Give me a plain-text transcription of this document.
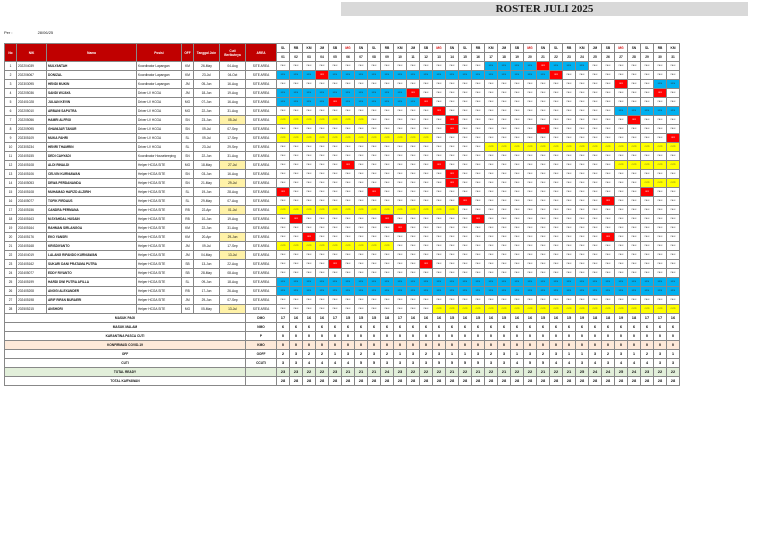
ROSTER JULI 2025
Per :	28/06/25
No	NIK	Nama	Posisi	OFF	Tanggal Join	Cuti Berikutnya	AREA	SL	RB	KM	JM	SB	MG	SN	SL	RB	KM	JM	SB	MG	SN	SL	RB	KM	JM	SB	MG	SN	SL	RB	KM	JM	SB	MG	SN	SL	RB	KM
								01	02	03	04	05	06	07	08	09	10	11	12	13	14	15	16	17	18	19	20	21	22	23	24	25	26	27	28	29	30	31
1	202204039	MULYANTAH	Koordinator Lapangan	KM	26-May	04-Aug	SITE AREA	PAGI	PAGI	PAGI	PAGI	PAGI	PAGI	PAGI	PAGI	PAGI	PAGI	PAGI	PAGI	PAGI	PAGI	PAGI	PAGI	MLM	MLM	MLM	MLM	OFF	MLM	MLM	MLM	PAGI	PAGI	PAGI	PAGI	PAGI	PAGI	PAGI
2	202206067	DONIZAL	Koordinator Lapangan	KM	23-Jul	04-Oct	SITE AREA	MLM	MLM	MLM	OFF	MLM	MLM	MLM	MLM	MLM	MLM	MLM	MLM	MLM	MLM	MLM	MLM	MLM	MLM	MLM	MLM	MLM	OFF	PAGI	PAGI	PAGI	PAGI	PAGI	PAGI	PAGI	PAGI	PAGI
3	202303095	HENDI MUKIN	Koordinator Lapangan	JM	05-Jun	16-Aug	SITE AREA	PAGI	PAGI	PAGI	PAGI	PAGI	PAGI	PAGI	PAGI	PAGI	PAGI	PAGI	PAGI	PAGI	PAGI	PAGI	PAGI	PAGI	PAGI	PAGI	PAGI	PAGI	PAGI	PAGI	PAGI	PAGI	PAGI	OFF	PAGI	PAGI	MLM	MLM
4	202205036	SANDI WIJAYA	Driver LV HCGA	JM	18-Jun	19-Aug	SITE AREA	MLM	MLM	MLM	MLM	MLM	MLM	MLM	MLM	MLM	MLM	OFF	PAGI	PAGI	PAGI	PAGI	PAGI	PAGI	PAGI	PAGI	PAGI	PAGI	PAGI	PAGI	PAGI	PAGI	PAGI	PAGI	PAGI	PAGI	OFF	PAGI
5	202401028	JULIAN KEVIN	Driver LV HCGA	MG	07-Jun	16-Aug	SITE AREA	MLM	MLM	MLM	MLM	OFF	MLM	MLM	MLM	MLM	MLM	MLM	OFF	PAGI	PAGI	PAGI	PAGI	PAGI	PAGI	PAGI	PAGI	PAGI	PAGI	PAGI	PAGI	PAGI	PAGI	PAGI	PAGI	PAGI	PAGI	PAGI
6	202205010	ARBANI SAPUTRA	Driver LV HCGA	MG	22-Jun	31-Aug	SITE AREA	PAGI	PAGI	PAGI	PAGI	PAGI	PAGI	PAGI	PAGI	PAGI	PAGI	PAGI	PAGI	OFF	PAGI	PAGI	PAGI	PAGI	PAGI	PAGI	PAGI	PAGI	PAGI	PAGI	PAGI	PAGI	PAGI	MLM	MLM	MLM	MLM	MLM
7	202205056	HAMRI ALFROI	Driver LV HCGA	SN	23-Jun	05-Jul	SITE AREA	CUTI	CUTI	CUTI	CUTI	CUTI	CUTI	CUTI	PAGI	PAGI	PAGI	PAGI	PAGI	PAGI	OFF	PAGI	PAGI	PAGI	PAGI	PAGI	PAGI	PAGI	PAGI	PAGI	PAGI	PAGI	PAGI	PAGI	OFF	PAGI	PAGI	PAGI
8	202209095	GHANIJAR TANUR	Driver LV HCGA	SN	09-Jul	07-Sep	SITE AREA	PAGI	PAGI	PAGI	PAGI	PAGI	PAGI	PAGI	PAGI	PAGI	PAGI	PAGI	PAGI	PAGI	OFF	PAGI	PAGI	PAGI	PAGI	PAGI	PAGI	OFF	PAGI	PAGI	PAGI	PAGI	PAGI	PAGI	PAGI	PAGI	PAGI	PAGI
9	202305109	MUKA FAHRI	Driver LV HCGA	SL	09-Jul	17-Sep	SITE AREA	CUTI	CUTI	CUTI	CUTI	CUTI	CUTI	CUTI	CUTI	CUTI	CUTI	CUTI	CUTI	PAGI	PAGI	PAGI	PAGI	PAGI	PAGI	PAGI	PAGI	PAGI	PAGI	PAGI	PAGI	PAGI	PAGI	PAGI	PAGI	PAGI	PAGI	OFF
10	202305234	HENRI THAMRIN	Driver LV HCGA	SL	23-Jul	29-Sep	SITE AREA	PAGI	PAGI	PAGI	PAGI	PAGI	PAGI	PAGI	PAGI	PAGI	PAGI	PAGI	PAGI	PAGI	PAGI	PAGI	PAGI	CUTI	CUTI	CUTI	CUTI	CUTI	CUTI	CUTI	CUTI	CUTI	CUTI	CUTI	CUTI	CUTI	CUTI	CUTI
11	202405155	DEDI CAHYADI	Koordinator Housekeeping	SN	22-Jun	31-Aug	SITE AREA	PAGI	PAGI	PAGI	PAGI	PAGI	PAGI	PAGI	PAGI	PAGI	PAGI	PAGI	PAGI	PAGI	PAGI	PAGI	PAGI	PAGI	PAGI	PAGI	PAGI	PAGI	PAGI	PAGI	PAGI	PAGI	PAGI	PAGI	PAGI	PAGI	PAGI	PAGI
12	202405108	ALDI RINALDI	Helper HCGA SITE	MG	18-May	27-Jul	SITE AREA	PAGI	PAGI	PAGI	PAGI	PAGI	OFF	PAGI	PAGI	PAGI	PAGI	PAGI	PAGI	OFF	PAGI	PAGI	PAGI	PAGI	PAGI	PAGI	PAGI	PAGI	PAGI	PAGI	PAGI	PAGI	PAGI	CUTI	CUTI	CUTI	CUTI	CUTI
13	202405106	CELVIN KURNIAWAN	Helper HCGA SITE	SN	03-Jun	16-Aug	SITE AREA	PAGI	PAGI	PAGI	PAGI	PAGI	PAGI	PAGI	PAGI	PAGI	PAGI	PAGI	PAGI	PAGI	OFF	PAGI	PAGI	PAGI	PAGI	PAGI	PAGI	PAGI	PAGI	PAGI	PAGI	PAGI	PAGI	PAGI	PAGI	PAGI	PAGI	PAGI
14	202405053	DEWA PERDANANDA	Helper HCGA SITE	SN	21-May	29-Jul	SITE AREA	PAGI	PAGI	PAGI	PAGI	PAGI	PAGI	PAGI	PAGI	PAGI	PAGI	PAGI	PAGI	PAGI	OFF	PAGI	PAGI	PAGI	PAGI	PAGI	PAGI	PAGI	PAGI	PAGI	PAGI	PAGI	PAGI	PAGI	PAGI	CUTI	CUTI	CUTI
15	202405108	MUHAMAD HAFIZD ALZIRIH	Helper HCGA SITE	SL	19-Jun	28-Aug	SITE AREA	OFF	PAGI	PAGI	PAGI	PAGI	PAGI	PAGI	OFF	PAGI	PAGI	PAGI	PAGI	PAGI	PAGI	PAGI	PAGI	PAGI	PAGI	PAGI	PAGI	PAGI	PAGI	PAGI	PAGI	PAGI	PAGI	PAGI	PAGI	OFF	PAGI	PAGI
16	202405077	TOFIK FIRDAUS	Helper HCGA SITE	SL	29-May	07-Aug	SITE AREA	PAGI	PAGI	PAGI	PAGI	PAGI	PAGI	PAGI	PAGI	PAGI	PAGI	PAGI	PAGI	PAGI	PAGI	OFF	PAGI	PAGI	PAGI	PAGI	PAGI	PAGI	PAGI	PAGI	PAGI	PAGI	OFF	PAGI	PAGI	PAGI	PAGI	PAGI
17	202405156	CANDRA PERMANA	Helper HCGA SITE	RB	22-Apr	01-Jul	SITE AREA	CUTI	CUTI	CUTI	CUTI	CUTI	CUTI	CUTI	CUTI	CUTI	CUTI	CUTI	CUTI	CUTI	CUTI	PAGI	PAGI	PAGI	PAGI	PAGI	PAGI	PAGI	PAGI	PAGI	PAGI	PAGI	PAGI	PAGI	PAGI	PAGI	PAGI	PAGI
18	202405163	M.SYAHDAL HUSAIN	Helper HCGA SITE	RB	10-Jun	19-Aug	SITE AREA	PAGI	OFF	PAGI	PAGI	PAGI	PAGI	PAGI	PAGI	OFF	PAGI	PAGI	PAGI	PAGI	PAGI	PAGI	OFF	PAGI	PAGI	PAGI	PAGI	PAGI	PAGI	PAGI	PAGI	PAGI	PAGI	PAGI	PAGI	PAGI	PAGI	PAGI
19	202405164	RAHMAN SIRLANGGA	Helper HCGA SITE	KM	22-Jun	31-Aug	SITE AREA	PAGI	PAGI	PAGI	PAGI	PAGI	PAGI	PAGI	PAGI	PAGI	OFF	PAGI	PAGI	PAGI	PAGI	PAGI	PAGI	PAGI	PAGI	PAGI	PAGI	PAGI	PAGI	PAGI	PAGI	PAGI	PAGI	PAGI	PAGI	PAGI	PAGI	PAGI
20	202405176	EKO YANSRI	Helper HCGA SITE	KM	20-Apr	29-Jun	SITE AREA	PAGI	PAGI	OFF	PAGI	PAGI	PAGI	PAGI	PAGI	PAGI	PAGI	PAGI	PAGI	PAGI	PAGI	PAGI	PAGI	PAGI	PAGI	PAGI	PAGI	PAGI	PAGI	PAGI	PAGI	PAGI	OFF	PAGI	PAGI	PAGI	PAGI	PAGI
21	202405168	KRISDIYANTO	Helper HCGA SITE	JM	09-Jul	17-Sep	SITE AREA	CUTI	CUTI	CUTI	CUTI	CUTI	CUTI	CUTI	CUTI	CUTI	PAGI	PAGI	PAGI	PAGI	PAGI	PAGI	PAGI	PAGI	PAGI	PAGI	PAGI	PAGI	PAGI	PAGI	PAGI	PAGI	PAGI	PAGI	PAGI	PAGI	PAGI	PAGI
22	202404019	LALANG RIFANDO KURNIAWAN	Helper HCGA SITE	JM	04-May	13-Jul	SITE AREA	PAGI	PAGI	PAGI	PAGI	PAGI	PAGI	PAGI	PAGI	PAGI	PAGI	PAGI	PAGI	PAGI	PAGI	PAGI	PAGI	PAGI	PAGI	PAGI	PAGI	PAGI	PAGI	PAGI	PAGI	PAGI	PAGI	PAGI	PAGI	PAGI	PAGI	PAGI
23	202405162	SUKARI DANI PRATAMA PUTRA	Helper HCGA SITE	SB	13-Jun	22-Aug	SITE AREA	PAGI	PAGI	PAGI	PAGI	OFF	PAGI	PAGI	PAGI	PAGI	PAGI	PAGI	OFF	PAGI	PAGI	PAGI	PAGI	PAGI	PAGI	PAGI	PAGI	PAGI	PAGI	PAGI	PAGI	PAGI	PAGI	PAGI	PAGI	PAGI	PAGI	PAGI
24	202405077	EDDY RIYANTO	Helper HCGA SITE	SB	28-May	08-Aug	SITE AREA	PAGI	PAGI	PAGI	PAGI	PAGI	PAGI	PAGI	PAGI	PAGI	PAGI	PAGI	PAGI	PAGI	PAGI	PAGI	PAGI	PAGI	PAGI	PAGI	PAGI	PAGI	PAGI	PAGI	PAGI	PAGI	PAGI	PAGI	PAGI	PAGI	PAGI	PAGI
25	202405199	HARDI DWI PUTRA AFILLA	Helper HCGA SITE	SL	09-Jun	18-Aug	SITE AREA	MLM	MLM	MLM	MLM	MLM	MLM	MLM	MLM	MLM	MLM	MLM	MLM	MLM	MLM	MLM	MLM	MLM	MLM	MLM	MLM	MLM	MLM	MLM	MLM	MLM	MLM	MLM	MLM	MLM	MLM	MLM
26	202405208	ANGGI ALEXANDER	Helper HCGA SITE	RB	17-Jun	26-Aug	SITE AREA	MLM	MLM	MLM	MLM	MLM	MLM	MLM	MLM	MLM	MLM	MLM	MLM	MLM	MLM	MLM	MLM	MLM	MLM	MLM	MLM	MLM	MLM	MLM	MLM	MLM	MLM	MLM	MLM	MLM	MLM	MLM
27	202405198	ARIF RIFAN BURAERI	Helper HCGA SITE	JM	29-Jun	07-Sep	SITE AREA	PAGI	PAGI	PAGI	PAGI	PAGI	PAGI	PAGI	PAGI	PAGI	PAGI	PAGI	PAGI	PAGI	PAGI	PAGI	PAGI	PAGI	PAGI	PAGI	PAGI	PAGI	PAGI	PAGI	PAGI	PAGI	PAGI	PAGI	PAGI	PAGI	PAGI	PAGI
28	202505215	ANSHORI	Helper HCGA SITE	MG	05-May	13-Jul	SITE AREA	PAGI	PAGI	PAGI	PAGI	PAGI	PAGI	PAGI	PAGI	PAGI	PAGI	PAGI	PAGI	CUTI	CUTI	CUTI	CUTI	CUTI	CUTI	CUTI	CUTI	CUTI	CUTI	CUTI	CUTI	CUTI	CUTI	CUTI	CUTI	CUTI	CUTI	CUTI
MASUK PAGI							DMO	17	16	16	16	17	15	15	15	18	17	16	16	16	15	16	15	16	15	16	16	15	16	15	19	18	18	19	18	17	17	16
MASUK MALAM							NMO	6	6	6	6	6	6	6	6	6	6	6	6	6	6	6	6	6	6	6	6	6	6	6	6	6	6	6	6	6	6	6
KARANTINA PASCA CUTI							P	0	0	0	0	0	0	0	0	0	0	0	0	0	0	0	0	0	0	0	0	0	0	0	0	0	0	0	0	0	0	0
KONFIRMASI COVID-19							KMO	0	0	0	0	0	0	0	0	0	0	0	0	0	0	0	0	0	0	0	0	0	0	0	0	0	0	0	0	0	0	0
OFF							OOFF	2	3	2	2	1	3	2	3	2	1	3	2	3	1	1	3	2	3	1	3	2	3	1	1	3	2	3	1	2	3	1
CUTI							CCUTI	3	3	4	4	4	4	5	5	3	3	3	3	5	5	5	5	3	3	4	5	5	4	4	3	4	3	4	4	4	3	3
TOTAL READY								23	23	22	22	23	21	21	21	24	23	22	22	22	21	22	21	22	21	22	22	21	22	21	25	24	24	25	24	23	22	22
TOTAL KARYAWAN								28	28	28	28	28	28	28	28	28	28	28	28	28	28	28	28	28	28	28	28	28	28	28	28	28	28	28	28	28	28	28
